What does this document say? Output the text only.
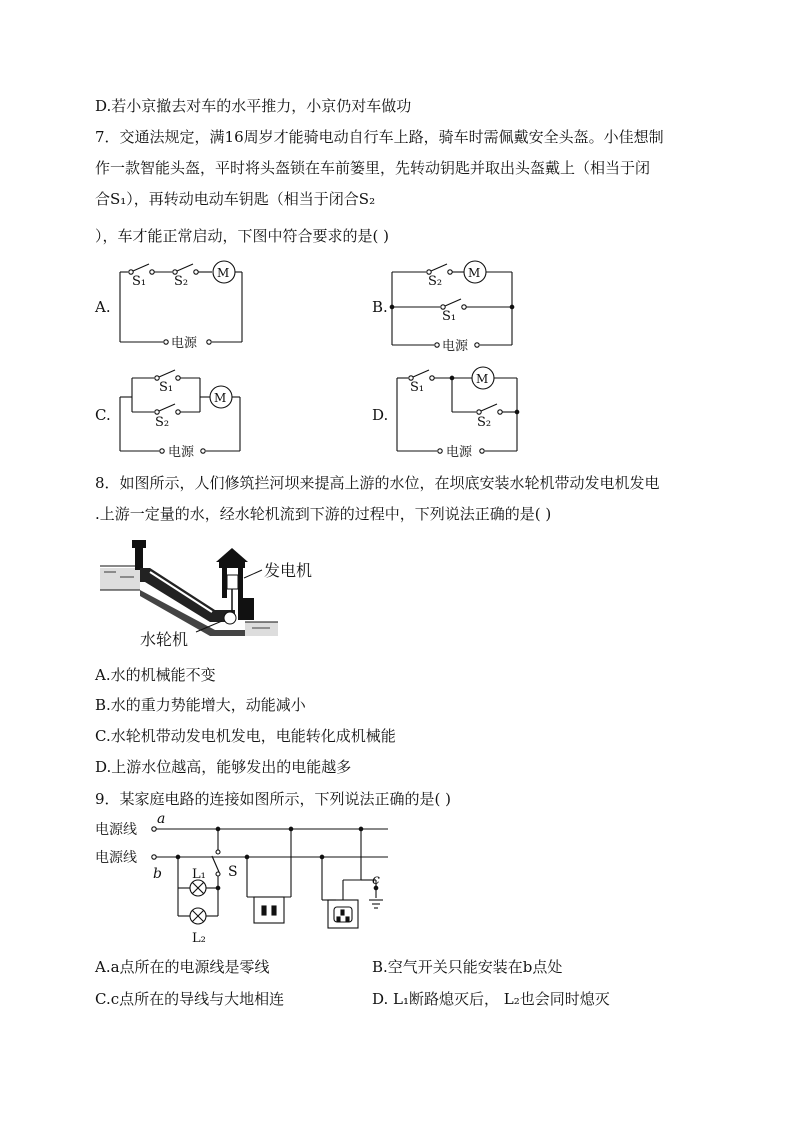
D.若小京撤去对车的水平推力，小京仍对车做功
7．交通法规定，满16周岁才能骑电动自行车上路，骑车时需佩戴安全头盔。小佳想制
作一款智能头盔，平时将头盔锁在车前篓里，先转动钥匙并取出头盔戴上（相当于闭
合S₁），再转动电动车钥匙（相当于闭合S₂
），车才能正常启动，下图中符合要求的是( )
A.	B.
C.	D.
S₁ S₂
M
电源
S₂
M
S₁
电源
S₁
S₂
M
电源
S₁
M
S₂
电源
8．如图所示，人们修筑拦河坝来提高上游的水位，在坝底安装水轮机带动发电机发电
.上游一定量的水，经水轮机流到下游的过程中，下列说法正确的是( )
发电机
水轮机
A.水的机械能不变
B.水的重力势能增大，动能减小
C.水轮机带动发电机发电，电能转化成机械能
D.上游水位越高，能够发出的电能越多
9．某家庭电路的连接如图所示，下列说法正确的是( )
电源线
电源线
a
b	c
L₁
L₂
S
A.a点所在的电源线是零线	B.空气开关只能安装在b点处
C.c点所在的导线与大地相连	D. L₁断路熄灭后， L₂也会同时熄灭
